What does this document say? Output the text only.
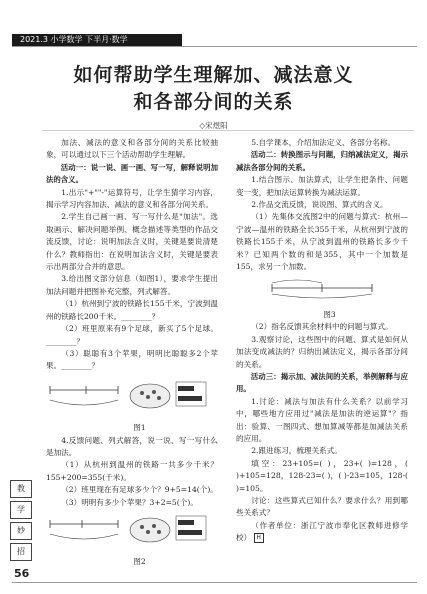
2021.3 小学数学 下半月·数学
如何帮助学生理解加、减法意义
和各部分间的关系
◇宋煜阳

加法、减法的意义和各部分间的关系比较抽象，可以通过以下三个活动帮助学生理解。

活动一：说一说、画一画、写一写，解释说明加法的含义。

1.出示"+""-"运算符号，让学生猜学习内容，揭示学习内容加法、减法的意义和各部分间关系。

2.学生自己画一画、写一写什么是"加法"。选取画示、解决问题举例、概念描述等类型的作品交流反馈，讨论：说明加法含义时，关键是要说清楚什么？教师指出：在说明加法含义时，关键是要表示出两部分合并的意思。

3.给出图文部分信息（如图1），要求学生提出加法问题并把图补充完整，列式解答。

（1）杭州到宁波的铁路长155千米，宁波到温州的铁路长200千米。________？

（2）班里原来有9个足球，新买了5个足球。________？

（3）聪聪有3个苹果，明明比聪聪多2个苹果。________？

图1

4.反馈问题、列式解答，说一说、写一写什么是加法。

（1）从杭州到温州的铁路一共多少千米？155+200=355(千米)。

（2）班里现在有足球多少个？9+5=14(个)。

（3）明明有多少个苹果？3+2=5(个)。

图2

5.自学课本，介绍加法定义、各部分名称。

活动二：转换图示与问题，归纳减法定义，揭示减法各部分间的关系。

1.结合图示、加法算式，让学生把条件、问题变一变，把加法运算转换为减法运算。

2.作品交流反馈，说说图、算式的含义。

（1）先集体交流图2中的问题与算式：杭州—宁波—温州的铁路全长355千米，从杭州到宁波的铁路长155千米，从宁波到温州的铁路长多少千米？已知两个数的和是355，其中一个加数是155，求另一个加数。

图3

（2）指名反馈其余材料中的问题与算式。

3.观察讨论，这些图中的问题、算式是如何从加法变成减法的？归纳出减法定义，揭示各部分间的关系。

活动三：揭示加、减法间的关系，举例解释与应用。

1.讨论：减法与加法有什么关系？以前学习中，哪些地方应用过"减法是加法的逆运算"？指出：验算、一图四式、想加算减等都是加减法关系的应用。

2.跟进练习，梳理关系式。

填空：23+105=( )，23+( )=128，( )+105=128，128-23=( )，( )-23=105，128-( )=105。

讨论：这些算式已知什么？要求什么？用到哪些关系式？

（作者单位：浙江宁波市奉化区教师进修学校） H

教
学
妙
招
56
